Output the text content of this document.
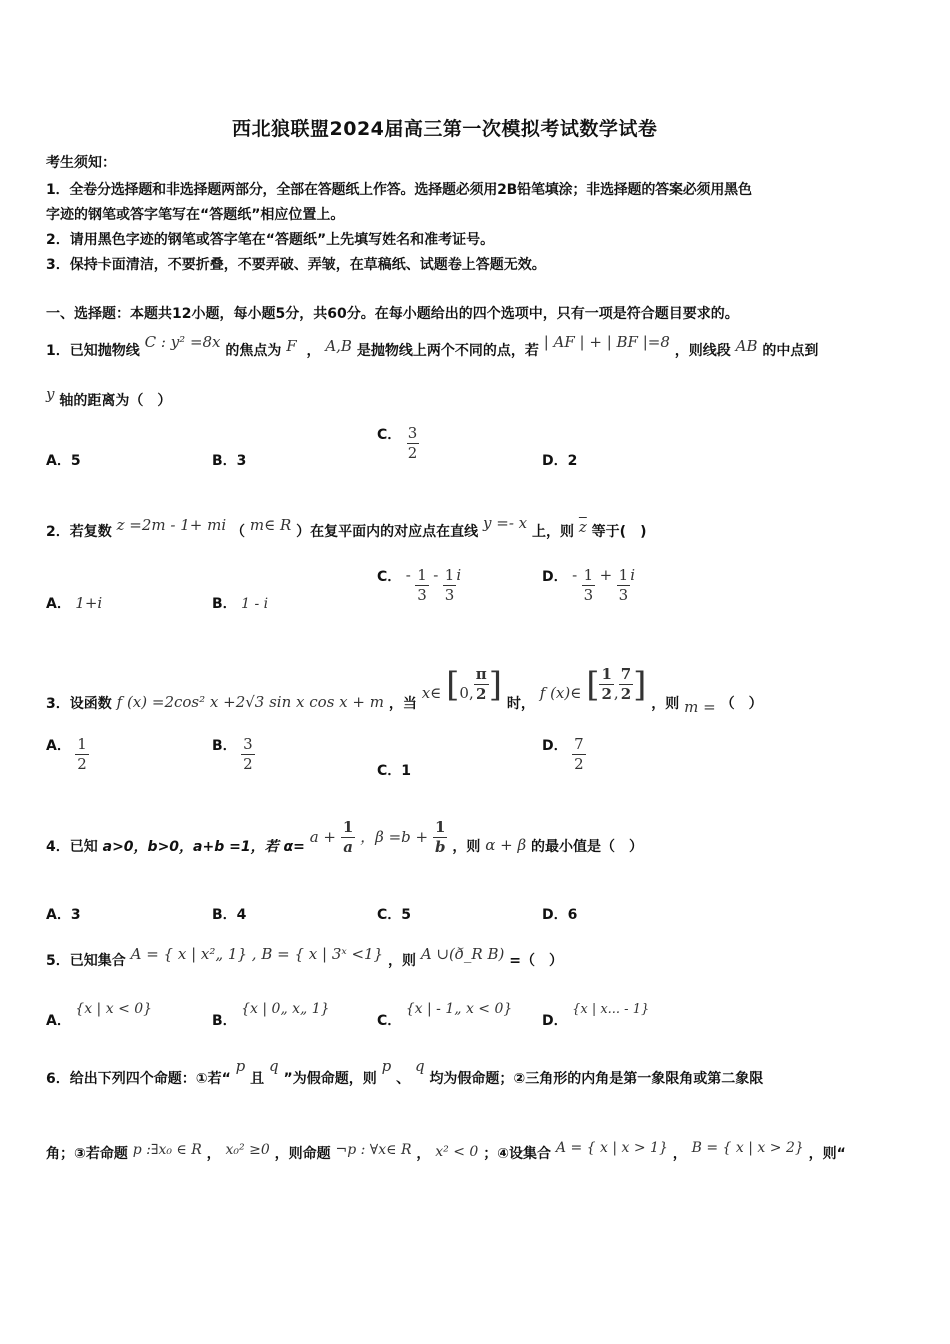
西北狼联盟2024届高三第一次模拟考试数学试卷
考生须知：
1．全卷分选择题和非选择题两部分，全部在答题纸上作答。选择题必须用2B铅笔填涂；非选择题的答案必须用黑色
字迹的钢笔或答字笔写在“答题纸”相应位置上。
2．请用黑色字迹的钢笔或答字笔在“答题纸”上先填写姓名和准考证号。
3．保持卡面清洁，不要折叠，不要弄破、弄皱，在草稿纸、试题卷上答题无效。
一、选择题：本题共12小题，每小题5分，共60分。在每小题给出的四个选项中，只有一项是符合题目要求的。
1．已知抛物线 C : y² =8x 的焦点为 F  ， A,B 是抛物线上两个不同的点，若 | AF | + | BF |=8 ，则线段 AB 的中点到
y 轴的距离为（　）
A．5	B．3
C． $\frac{3}{2}$	D．2
2．若复数 z =2m - 1+ mi （ m∈ R ）在复平面内的对应点在直线 y =- x 上，则 $\overline{z}$ 等于(　)
A． 1+i	B． 1 - i
C． - $\frac{1}{3} - \frac{1}{3}$ i	D． - $\frac{1}{3} + \frac{1}{3}$ i
3．设函数 f (x) =2cos² x +2√3 sin x cos x + m ，当 x∈ [0, $\frac{\pi}{2}$ ] 时， f (x)∈ [ $\frac{1}{2}$ , $\frac{7}{2}$ ] ，则 m = （　）
A． $\frac{1}{2}$	B． $\frac{3}{2}$	C．1
D． $\frac{7}{2}$
4．已知 a>0，b>0，a+b =1，若 $\alpha= a + \frac{1}{a}$ ，$\beta =b + \frac{1}{b}$ ，则 α + β 的最小值是（　）
A．3	B．4	C．5	D．6
5．已知集合 A = { x | x²„ 1} , B = { x | 3ˣ <1} ，则 A ∪(ð_R B) =（　）
A． {x | x < 0}
B． {x | 0„ x„ 1}
C． {x | - 1„ x < 0}
D． {x | x... - 1}
6．给出下列四个命题：①若“ p 且 q ”为假命题，则 p 、 q 均为假命题；②三角形的内角是第一象限角或第二象限
角；③若命题 p :∃x₀ ∈ R ， x₀² ≥0 ，则命题 ¬p : ∀x∈ R ， x² < 0 ；④设集合 A = { x | x > 1} ， B = { x | x > 2} ，则“
